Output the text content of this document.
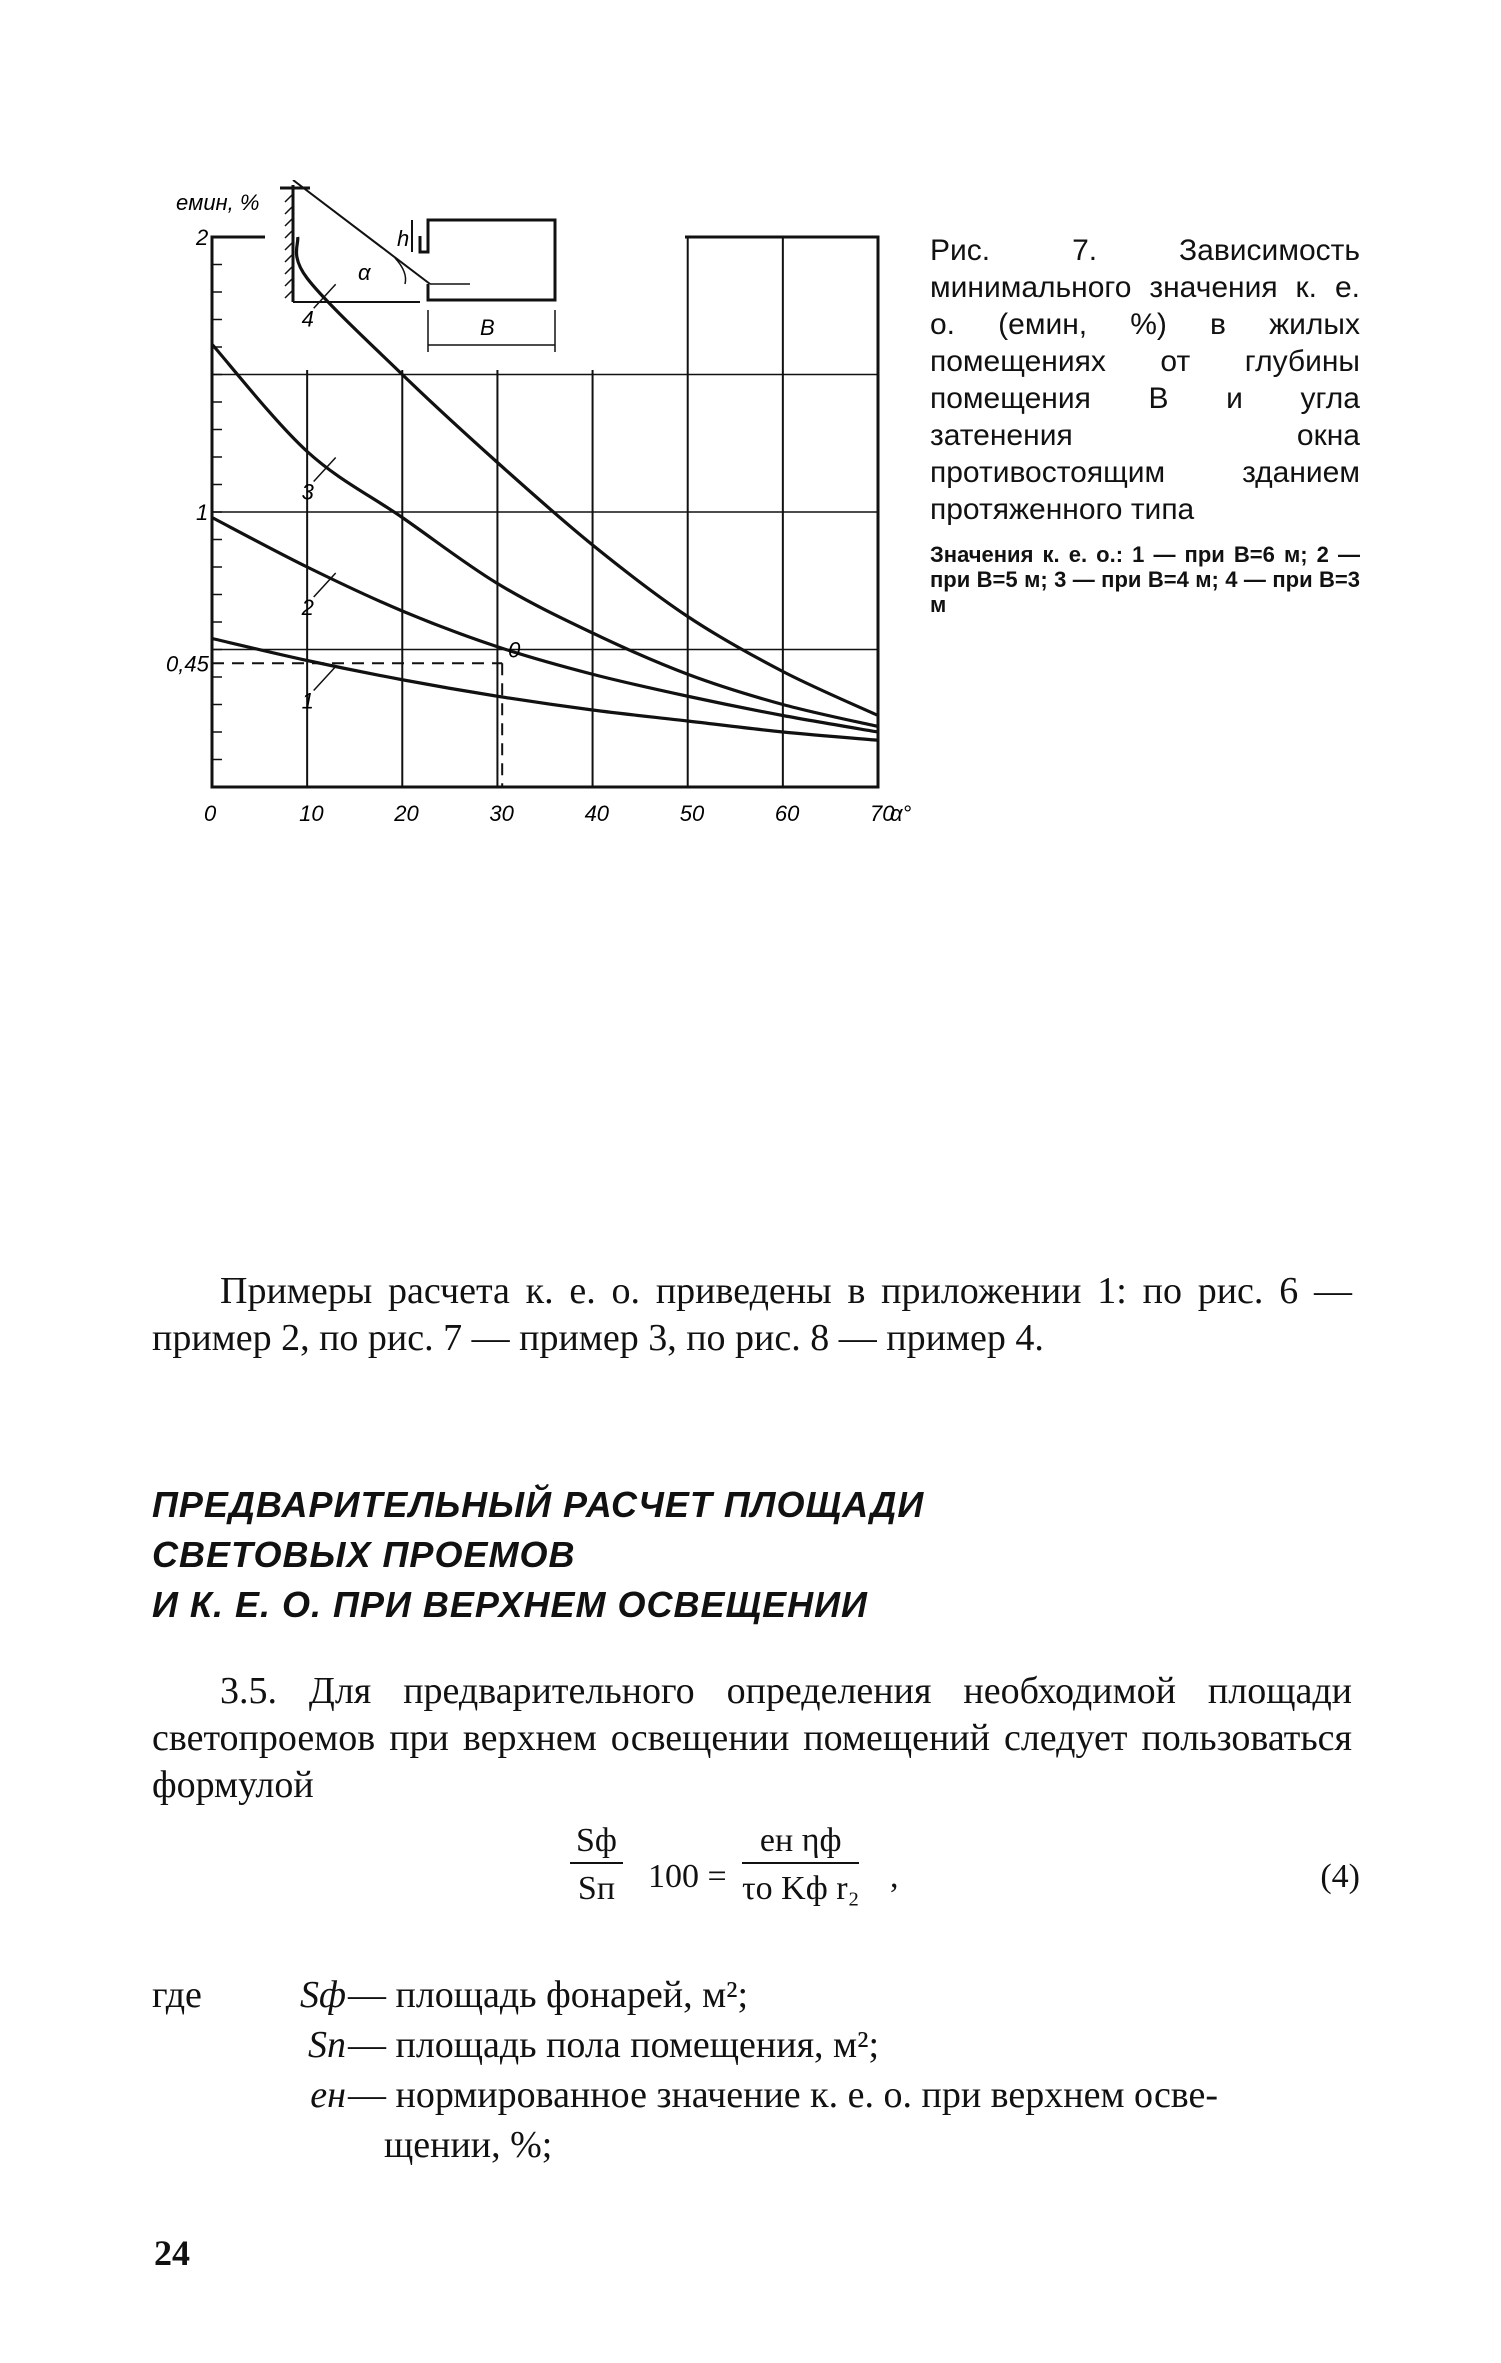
α
h
B
1
2
3
4
0
0	10	20	30	40	50	60	70
α°
2
1
0,45
eмин, %

Рис. 7. Зависимость минимального значения к. е. о. (eмин, %) в жилых помещениях от глубины помещения B и угла затенения окна противостоящим зданием протяженного типа

Значения к. е. о.: 1 — при B=6 м; 2 — при B=5 м; 3 — при B=4 м; 4 — при B=3 м

Примеры расчета к. е. о. приведены в приложении 1: по рис. 6 — пример 2, по рис. 7 — пример 3, по рис. 8 — пример 4.

ПРЕДВАРИТЕЛЬНЫЙ РАСЧЕТ ПЛОЩАДИ
СВЕТОВЫХ ПРОЕМОВ
И К. Е. О. ПРИ ВЕРХНЕМ ОСВЕЩЕНИИ

3.5. Для предварительного определения необходимой площади светопроемов при верхнем освещении помещений следует пользоваться формулой

Sф
Sп 100 =
eн ηф
τо Kф r₂ ,	(4)
где	Sф — площадь фонарей, м²;
Sп — площадь пола помещения, м²;
eн — нормированное значение к. е. о. при верхнем осве-
щении, %;
24
